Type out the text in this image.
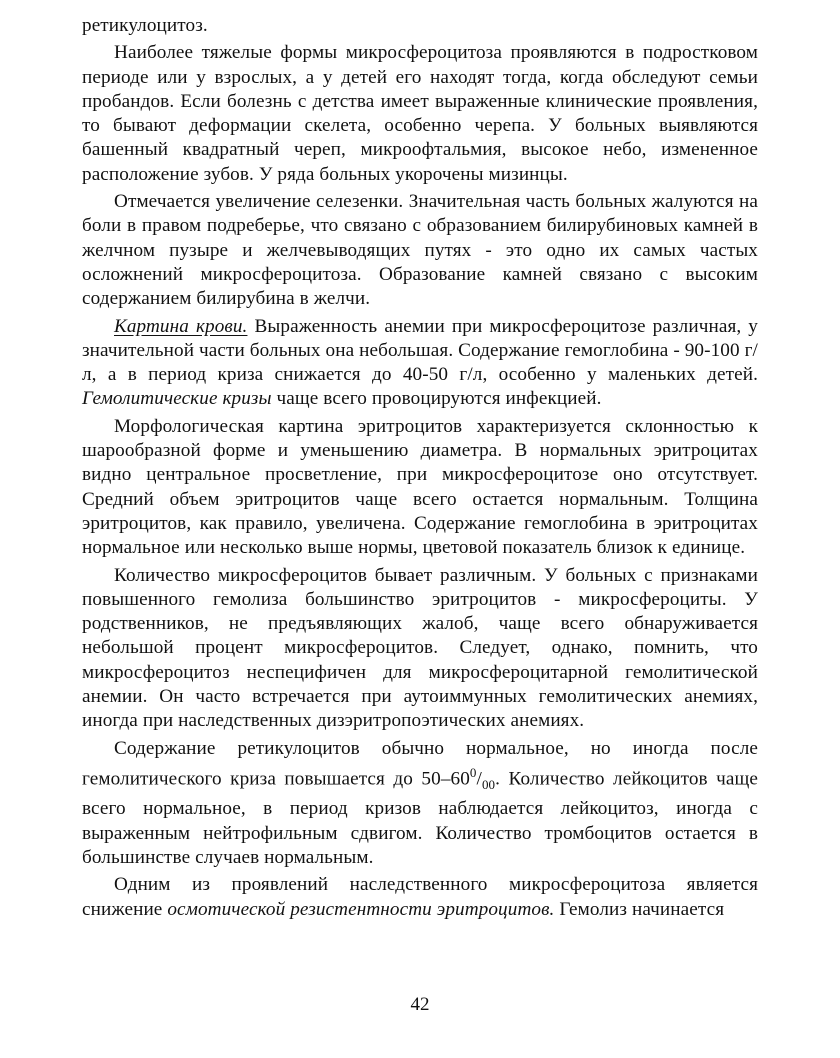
ретикулоцитоз.

Наиболее тяжелые формы микросфероцитоза проявляются в подростковом периоде или у взрослых, а у детей его находят тогда, когда обследуют семьи пробандов. Если болезнь с детства имеет выраженные клинические проявления, то бывают деформации скелета, особенно черепа. У больных выявляются башенный квадратный череп, микроофтальмия, высокое небо, измененное расположение зубов. У ряда больных укорочены мизинцы.

Отмечается увеличение селезенки. Значительная часть больных жалуются на боли в правом подреберье, что связано с образованием билирубиновых камней в желчном пузыре и желчевыводящих путях - это одно их самых частых осложнений микросфероцитоза. Образование камней связано с высоким содержанием билирубина в желчи.

Картина крови. Выраженность анемии при микросфероцитозе различная, у значительной части больных она небольшая. Содержание гемоглобина - 90-100 г/л, а в период криза снижается до 40-50 г/л, особенно у маленьких детей. Гемолитические кризы чаще всего провоцируются инфекцией.

Морфологическая картина эритроцитов характеризуется склонностью к шарообразной форме и уменьшению диаметра. В нормальных эритроцитах видно центральное просветление, при микросфероцитозе оно отсутствует. Средний объем эритроцитов чаще всего остается нормальным. Толщина эритроцитов, как правило, увеличена. Содержание гемоглобина в эритроцитах нормальное или несколько выше нормы, цветовой показатель близок к единице.

Количество микросфероцитов бывает различным. У больных с признаками повышенного гемолиза большинство эритроцитов - микросфероциты. У родственников, не предъявляющих жалоб, чаще всего обнаруживается небольшой процент микросфероцитов. Следует, однако, помнить, что микросфероцитоз неспецифичен для микросфероцитарной гемолитической анемии. Он часто встречается при аутоиммунных гемолитических анемиях, иногда при наследственных дизэритропоэтических анемиях.

Содержание ретикулоцитов обычно нормальное, но иногда после гемолитического криза повышается до $50-60^0/_{00}$. Количество лейкоцитов чаще всего нормальное, в период кризов наблюдается лейкоцитоз, иногда с выраженным нейтрофильным сдвигом. Количество тромбоцитов остается в большинстве случаев нормальным.

Одним из проявлений наследственного микросфероцитоза является снижение осмотической резистентности эритроцитов. Гемолиз начинается

42
